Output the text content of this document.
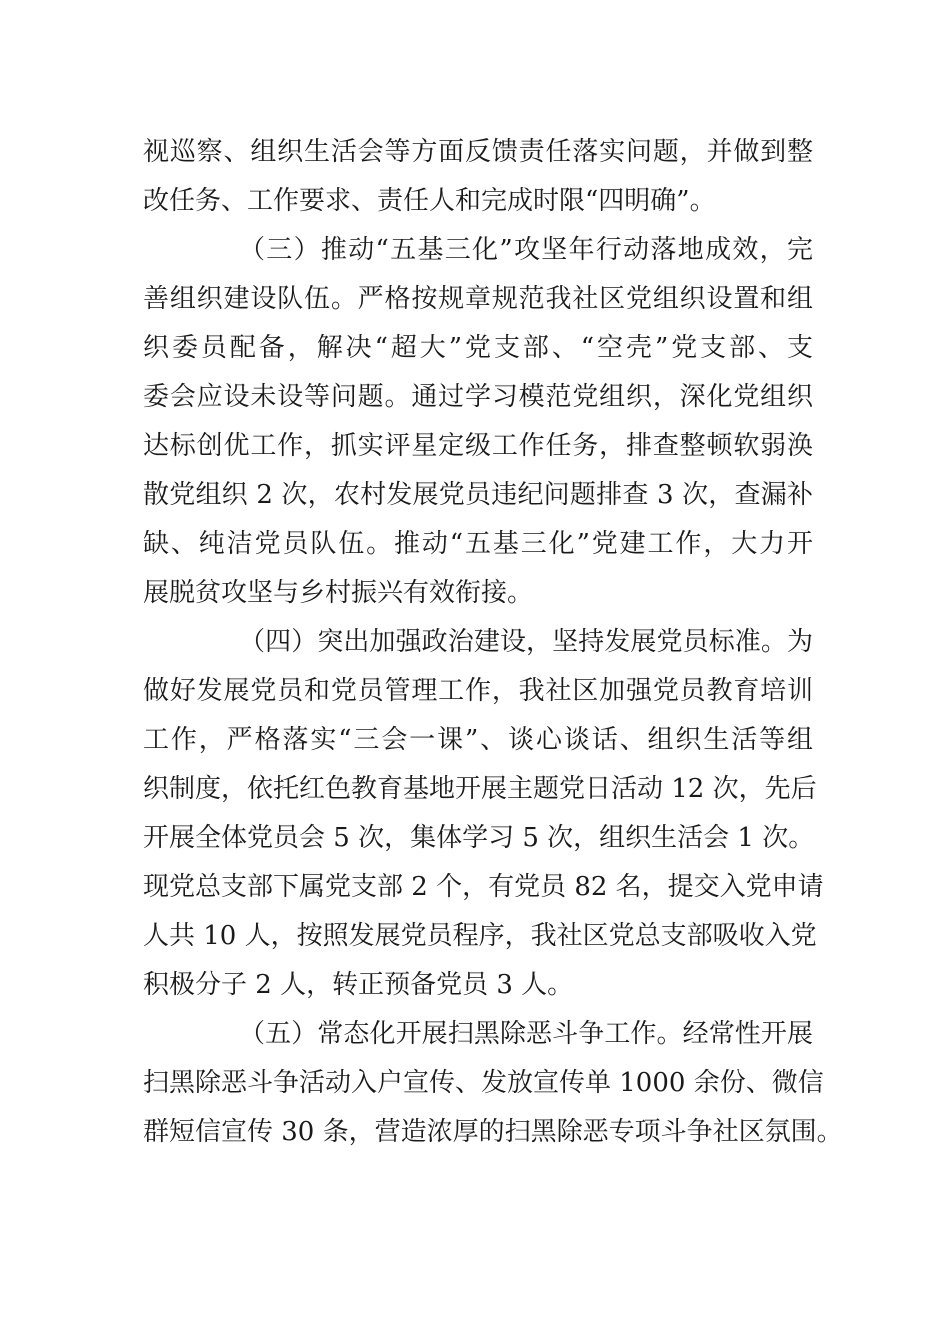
视巡察、组织生活会等方面反馈责任落实问题，并做到整
改任务、工作要求、责任人和完成时限“四明确”。
（三）推动“五基三化”攻坚年行动落地成效，完
善组织建设队伍。严格按规章规范我社区党组织设置和组
织委员配备，解决“超大”党支部、“空壳”党支部、支
委会应设未设等问题。通过学习模范党组织，深化党组织
达标创优工作，抓实评星定级工作任务，排查整顿软弱涣
散党组织 2 次，农村发展党员违纪问题排查 3 次，查漏补
缺、纯洁党员队伍。推动“五基三化”党建工作，大力开
展脱贫攻坚与乡村振兴有效衔接。
（四）突出加强政治建设，坚持发展党员标准。为
做好发展党员和党员管理工作，我社区加强党员教育培训
工作，严格落实“三会一课”、谈心谈话、组织生活等组
织制度，依托红色教育基地开展主题党日活动 12 次，先后
开展全体党员会 5 次，集体学习 5 次，组织生活会 1 次。
现党总支部下属党支部 2 个，有党员 82 名，提交入党申请
人共 10 人，按照发展党员程序，我社区党总支部吸收入党
积极分子 2 人，转正预备党员 3 人。
（五）常态化开展扫黑除恶斗争工作。经常性开展
扫黑除恶斗争活动入户宣传、发放宣传单 1000 余份、微信
群短信宣传 30 条，营造浓厚的扫黑除恶专项斗争社区氛围。
